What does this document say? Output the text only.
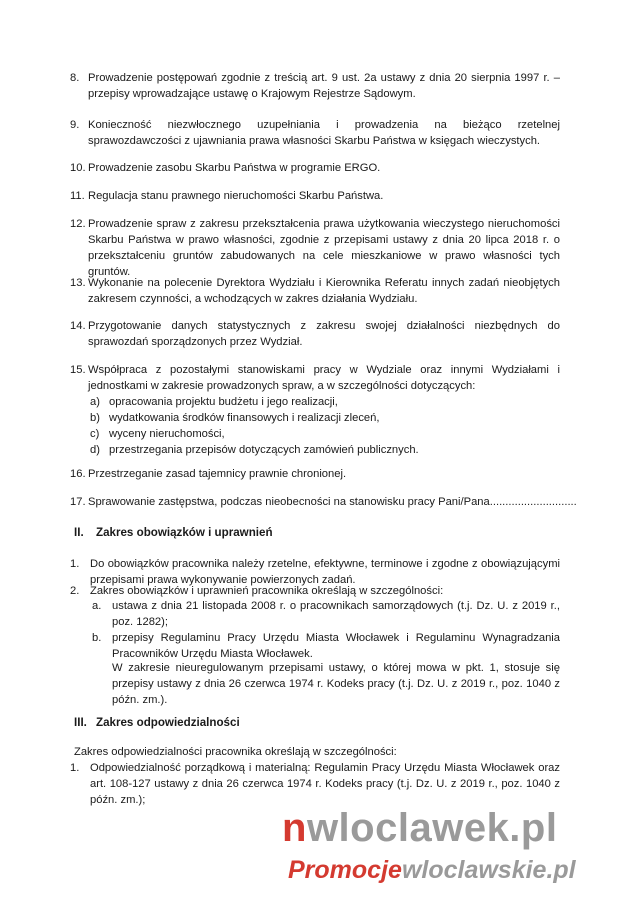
8. Prowadzenie postępowań zgodnie z treścią art. 9 ust. 2a ustawy z dnia 20 sierpnia 1997 r. – przepisy wprowadzające ustawę o Krajowym Rejestrze Sądowym.
9. Konieczność niezwłocznego uzupełniania i prowadzenia na bieżąco rzetelnej sprawozdawczości z ujawniania prawa własności Skarbu Państwa w księgach wieczystych.
10. Prowadzenie zasobu Skarbu Państwa w programie ERGO.
11. Regulacja stanu prawnego nieruchomości Skarbu Państwa.
12. Prowadzenie spraw z zakresu przekształcenia prawa użytkowania wieczystego nieruchomości Skarbu Państwa w prawo własności, zgodnie z przepisami ustawy z dnia 20 lipca 2018 r. o przekształceniu gruntów zabudowanych na cele mieszkaniowe w prawo własności tych gruntów.
13. Wykonanie na polecenie Dyrektora Wydziału i Kierownika Referatu innych zadań nieobjętych zakresem czynności, a wchodzących w zakres działania Wydziału.
14. Przygotowanie danych statystycznych z zakresu swojej działalności niezbędnych do sprawozdań sporządzonych przez Wydział.
15. Współpraca z pozostałymi stanowiskami pracy w Wydziale oraz innymi Wydziałami i jednostkami w zakresie prowadzonych spraw, a w szczególności dotyczących:
a) opracowania projektu budżetu i jego realizacji,
b) wydatkowania środków finansowych i realizacji zleceń,
c) wyceny nieruchomości,
d) przestrzegania przepisów dotyczących zamówień publicznych.
16. Przestrzeganie zasad tajemnicy prawnie chronionej.
17. Sprawowanie zastępstwa, podczas nieobecności na stanowisku pracy Pani/Pana............................
II. Zakres obowiązków i uprawnień
1. Do obowiązków pracownika należy rzetelne, efektywne, terminowe i zgodne z obowiązującymi przepisami prawa wykonywanie powierzonych zadań.
2. Zakres obowiązków i uprawnień pracownika określają w szczególności:
a. ustawa z dnia 21 listopada 2008 r. o pracownikach samorządowych (t.j. Dz. U. z 2019 r., poz. 1282);
b. przepisy Regulaminu Pracy Urzędu Miasta Włocławek i Regulaminu Wynagradzania Pracowników Urzędu Miasta Włocławek.
W zakresie nieuregulowanym przepisami ustawy, o której mowa w pkt. 1, stosuje się przepisy ustawy z dnia 26 czerwca 1974 r. Kodeks pracy (t.j. Dz. U. z 2019 r., poz. 1040 z późn. zm.).
III. Zakres odpowiedzialności
Zakres odpowiedzialności pracownika określają w szczególności:
1. Odpowiedzialność porządkową i materialną: Regulamin Pracy Urzędu Miasta Włocławek oraz art. 108-127 ustawy z dnia 26 czerwca 1974 r. Kodeks pracy (t.j. Dz. U. z 2019 r., poz. 1040 z późn. zm.);
nwloclawek.pl
Promocjewloclawskie.pl
